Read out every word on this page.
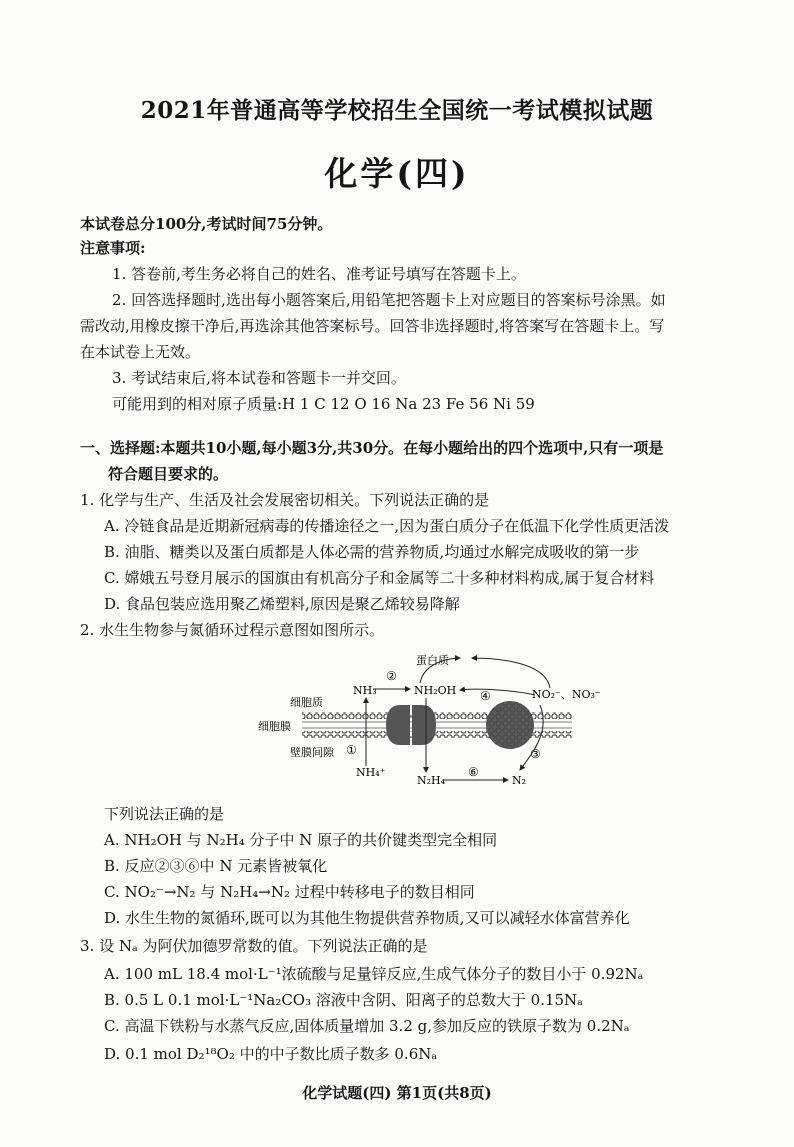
2021年普通高等学校招生全国统一考试模拟试题
化学(四)
本试卷总分100分,考试时间75分钟。
注意事项:
1. 答卷前,考生务必将自己的姓名、准考证号填写在答题卡上。
2. 回答选择题时,选出每小题答案后,用铅笔把答题卡上对应题目的答案标号涂黑。如
需改动,用橡皮擦干净后,再选涂其他答案标号。回答非选择题时,将答案写在答题卡上。写
在本试卷上无效。
3. 考试结束后,将本试卷和答题卡一并交回。
可能用到的相对原子质量:H 1 C 12 O 16 Na 23 Fe 56 Ni 59
一、选择题:本题共10小题,每小题3分,共30分。在每小题给出的四个选项中,只有一项是
符合题目要求的。
1. 化学与生产、生活及社会发展密切相关。下列说法正确的是
A. 冷链食品是近期新冠病毒的传播途径之一,因为蛋白质分子在低温下化学性质更活泼
B. 油脂、糖类以及蛋白质都是人体必需的营养物质,均通过水解完成吸收的第一步
C. 嫦娥五号登月展示的国旗由有机高分子和金属等二十多种材料构成,属于复合材料
D. 食品包装应选用聚乙烯塑料,原因是聚乙烯较易降解
2. 水生生物参与氮循环过程示意图如图所示。
蛋白质
NH₃
②
NH₂OH ④	NO₂⁻、NO₃⁻
细胞质
细胞膜
壁膜间隙 ①
NH₄⁺
③
N₂H₄
⑥
N₂
下列说法正确的是
A. NH₂OH 与 N₂H₄ 分子中 N 原子的共价键类型完全相同
B. 反应②③⑥中 N 元素皆被氧化
C. NO₂⁻→N₂ 与 N₂H₄→N₂ 过程中转移电子的数目相同
D. 水生生物的氮循环,既可以为其他生物提供营养物质,又可以减轻水体富营养化
3. 设 Nₐ 为阿伏加德罗常数的值。下列说法正确的是
A. 100 mL 18.4 mol·L⁻¹浓硫酸与足量锌反应,生成气体分子的数目小于 0.92Nₐ
B. 0.5 L 0.1 mol·L⁻¹Na₂CO₃ 溶液中含阴、阳离子的总数大于 0.15Nₐ
C. 高温下铁粉与水蒸气反应,固体质量增加 3.2 g,参加反应的铁原子数为 0.2Nₐ
D. 0.1 mol D₂¹⁸O₂ 中的中子数比质子数多 0.6Nₐ
化学试题(四) 第1页(共8页)
